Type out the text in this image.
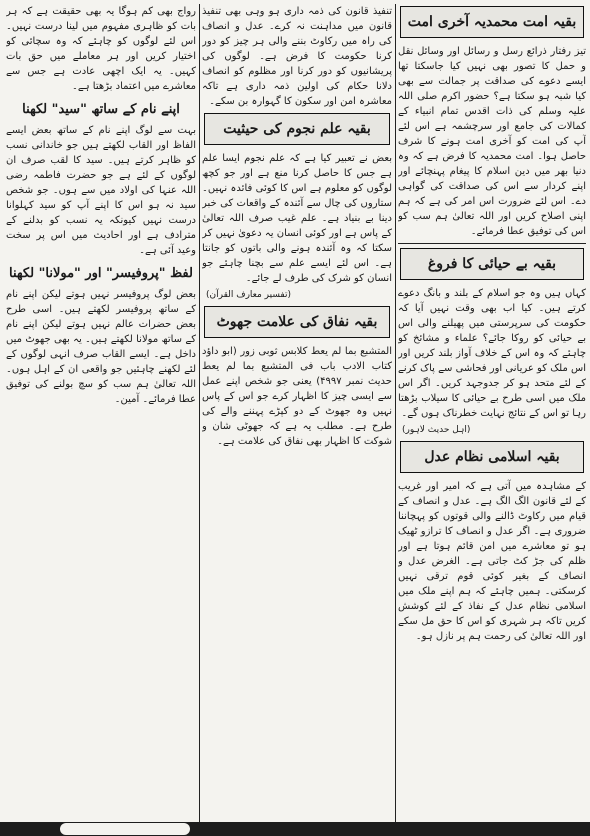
بقیہ امت محمدیہ آخری امت

تیز رفتار ذرائع رسل و رسائل اور وسائل نقل و حمل کا تصور بھی نہیں کیا جاسکتا تھا ایسے دعوے کی صداقت پر جمالت سے بھی کیا شبہ ہو سکتا ہے؟ حضور اکرم صلی اللہ علیہ وسلم کی ذات اقدس تمام انبیاء کے کمالات کی جامع اور سرچشمہ ہے اس لئے آپ کی امت کو آخری امت ہونے کا شرف حاصل ہوا۔ امت محمدیہ کا فرض ہے کہ وہ دنیا بھر میں دین اسلام کا پیغام پہنچائے اور اپنے کردار سے اس کی صداقت کی گواہی دے۔ اس لئے ضرورت اس امر کی ہے کہ ہم اپنی اصلاح کریں اور اللہ تعالیٰ ہم سب کو اس کی توفیق عطا فرمائے۔

بقیہ بے حیائی کا فروغ

کہاں ہیں وہ جو اسلام کے بلند و بانگ دعوے کرتے ہیں۔ کیا اب بھی وقت نہیں آیا کہ حکومت کی سرپرستی میں پھیلنے والی اس بے حیائی کو روکا جائے؟ علماء و مشائخ کو چاہئے کہ وہ اس کے خلاف آواز بلند کریں اور اس ملک کو عریانی اور فحاشی سے پاک کرنے کے لئے متحد ہو کر جدوجہد کریں۔ اگر اس ملک میں اسی طرح بے حیائی کا سیلاب بڑھتا رہا تو اس کے نتائج نہایت خطرناک ہوں گے۔

(اہل حدیث لاہور)
بقیہ اسلامی نظام عدل

کے مشاہدہ میں آتی ہے کہ امیر اور غریب کے لئے قانون الگ الگ ہے۔ عدل و انصاف کے قیام میں رکاوٹ ڈالنے والی قوتوں کو پہچاننا ضروری ہے۔ اگر عدل و انصاف کا ترازو ٹھیک ہو تو معاشرے میں امن قائم ہوتا ہے اور ظلم کی جڑ کٹ جاتی ہے۔ الغرض عدل و انصاف کے بغیر کوئی قوم ترقی نہیں کرسکتی۔ ہمیں چاہئے کہ ہم اپنے ملک میں اسلامی نظام عدل کے نفاذ کے لئے کوشش کریں تاکہ ہر شہری کو اس کا حق مل سکے اور اللہ تعالیٰ کی رحمت ہم پر نازل ہو۔

تنفیذ قانون کی ذمہ داری ہو وہی بھی تنفیذ قانون میں مداہنت نہ کرے۔ عدل و انصاف کی راہ میں رکاوٹ بننے والی ہر چیز کو دور کرنا حکومت کا فرض ہے۔ لوگوں کی پریشانیوں کو دور کرنا اور مظلوم کو انصاف دلانا حکام کی اولین ذمہ داری ہے تاکہ معاشرہ امن اور سکون کا گہوارہ بن سکے۔

بقیہ علم نجوم کی حیثیت

بعض نے تعبیر کیا ہے کہ علم نجوم ایسا علم ہے جس کا حاصل کرنا منع ہے اور جو کچھ لوگوں کو معلوم ہے اس کا کوئی فائدہ نہیں۔ ستاروں کی چال سے آئندہ کے واقعات کی خبر دینا بے بنیاد ہے۔ علم غیب صرف اللہ تعالیٰ کے پاس ہے اور کوئی انسان یہ دعویٰ نہیں کر سکتا کہ وہ آئندہ ہونے والی باتوں کو جانتا ہے۔ اس لئے ایسے علم سے بچنا چاہئے جو انسان کو شرک کی طرف لے جائے۔

(تفسیر معارف القرآن)
بقیہ نفاق کی علامت جھوٹ

المتشبع بما لم یعط کلابس ثوبی زور (ابو داؤد کتاب الادب باب فی المتشبع بما لم یعط حدیث نمبر ۴۹۹۷) یعنی جو شخص اپنے عمل سے ایسی چیز کا اظہار کرے جو اس کے پاس نہیں وہ جھوٹ کے دو کپڑے پہننے والے کی طرح ہے۔ مطلب یہ ہے کہ جھوٹی شان و شوکت کا اظہار بھی نفاق کی علامت ہے۔

رواج بھی کم ہوگا یہ بھی حقیقت ہے کہ ہر بات کو ظاہری مفہوم میں لینا درست نہیں۔ اس لئے لوگوں کو چاہئے کہ وہ سچائی کو اختیار کریں اور ہر معاملے میں حق بات کہیں۔ یہ ایک اچھی عادت ہے جس سے معاشرے میں اعتماد بڑھتا ہے۔

اپنے نام کے ساتھ "سید" لکھنا

بہت سے لوگ اپنے نام کے ساتھ بعض ایسے الفاظ اور القاب لکھتے ہیں جو خاندانی نسب کو ظاہر کرتے ہیں۔ سید کا لقب صرف ان لوگوں کے لئے ہے جو حضرت فاطمہ رضی اللہ عنہا کی اولاد میں سے ہوں۔ جو شخص سید نہ ہو اس کا اپنے آپ کو سید کہلوانا درست نہیں کیونکہ یہ نسب کو بدلنے کے مترادف ہے اور احادیث میں اس پر سخت وعید آئی ہے۔

لفظ "پروفیسر" اور "مولانا" لکھنا

بعض لوگ پروفیسر نہیں ہوتے لیکن اپنے نام کے ساتھ پروفیسر لکھتے ہیں۔ اسی طرح بعض حضرات عالم نہیں ہوتے لیکن اپنے نام کے ساتھ مولانا لکھتے ہیں۔ یہ بھی جھوٹ میں داخل ہے۔ ایسے القاب صرف انہی لوگوں کے لئے لکھنے چاہئیں جو واقعی ان کے اہل ہوں۔ اللہ تعالیٰ ہم سب کو سچ بولنے کی توفیق عطا فرمائے۔ آمین۔
